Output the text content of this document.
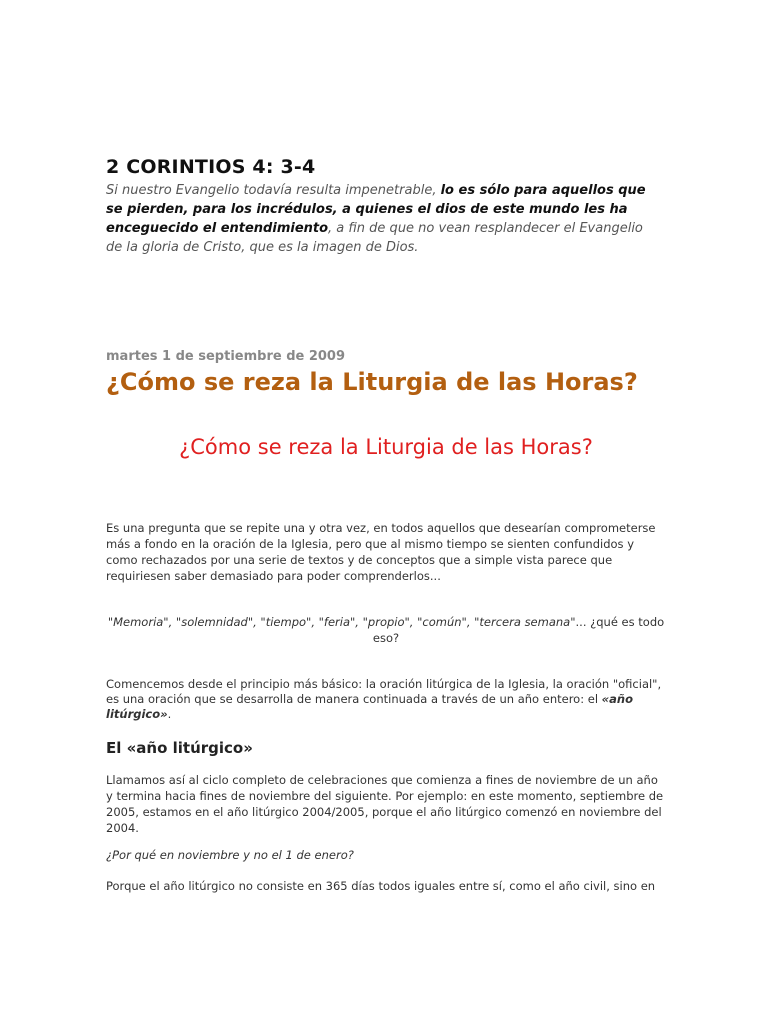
2 CORINTIOS 4: 3-4
Si nuestro Evangelio todavía resulta impenetrable, lo es sólo para aquellos que se pierden, para los incrédulos, a quienes el dios de este mundo les ha enceguecido el entendimiento, a fin de que no vean resplandecer el Evangelio de la gloria de Cristo, que es la imagen de Dios.
martes 1 de septiembre de 2009
¿Cómo se reza la Liturgia de las Horas?
¿Cómo se reza la Liturgia de las Horas?
Es una pregunta que se repite una y otra vez, en todos aquellos que desearían comprometerse más a fondo en la oración de la Iglesia, pero que al mismo tiempo se sienten confundidos y como rechazados por una serie de textos y de conceptos que a simple vista parece que requiriesen saber demasiado para poder comprenderlos...
"Memoria", "solemnidad", "tiempo", "feria", "propio", "común", "tercera semana"... ¿qué es todo eso?
Comencemos desde el principio más básico: la oración litúrgica de la Iglesia, la oración "oficial", es una oración que se desarrolla de manera continuada a través de un año entero: el «año litúrgico».
El «año litúrgico»
Llamamos así al ciclo completo de celebraciones que comienza a fines de noviembre de un año y termina hacia fines de noviembre del siguiente. Por ejemplo: en este momento, septiembre de 2005, estamos en el año litúrgico 2004/2005, porque el año litúrgico comenzó en noviembre del 2004.
¿Por qué en noviembre y no el 1 de enero?
Porque el año litúrgico no consiste en 365 días todos iguales entre sí, como el año civil, sino en
